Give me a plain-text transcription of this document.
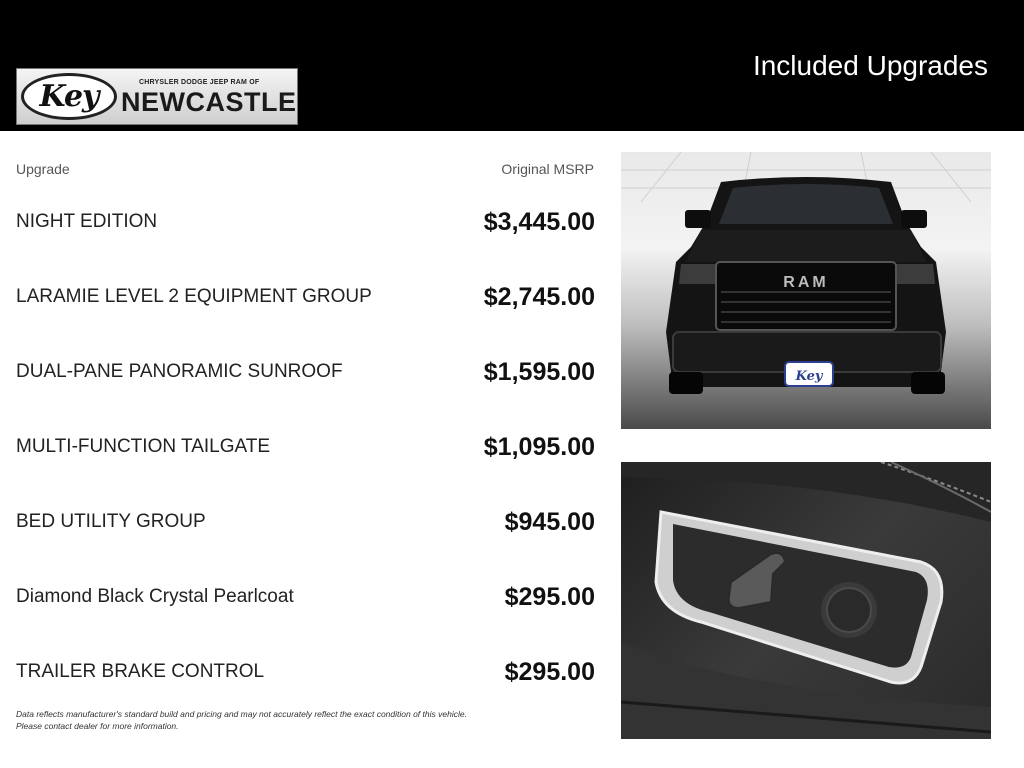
Key	CHRYSLER DODGE JEEP RAM OF
NEWCASTLE
Included Upgrades
Upgrade	Original MSRP
NIGHT EDITION	$3,445.00
LARAMIE LEVEL 2 EQUIPMENT GROUP	$2,745.00
DUAL-PANE PANORAMIC SUNROOF	$1,595.00
MULTI-FUNCTION TAILGATE	$1,095.00
BED UTILITY GROUP	$945.00
Diamond Black Crystal Pearlcoat	$295.00
TRAILER BRAKE CONTROL	$295.00
Data reflects manufacturer's standard build and pricing and may not accurately reflect the exact condition of this vehicle.
Please contact dealer for more information.
RAM
Key
